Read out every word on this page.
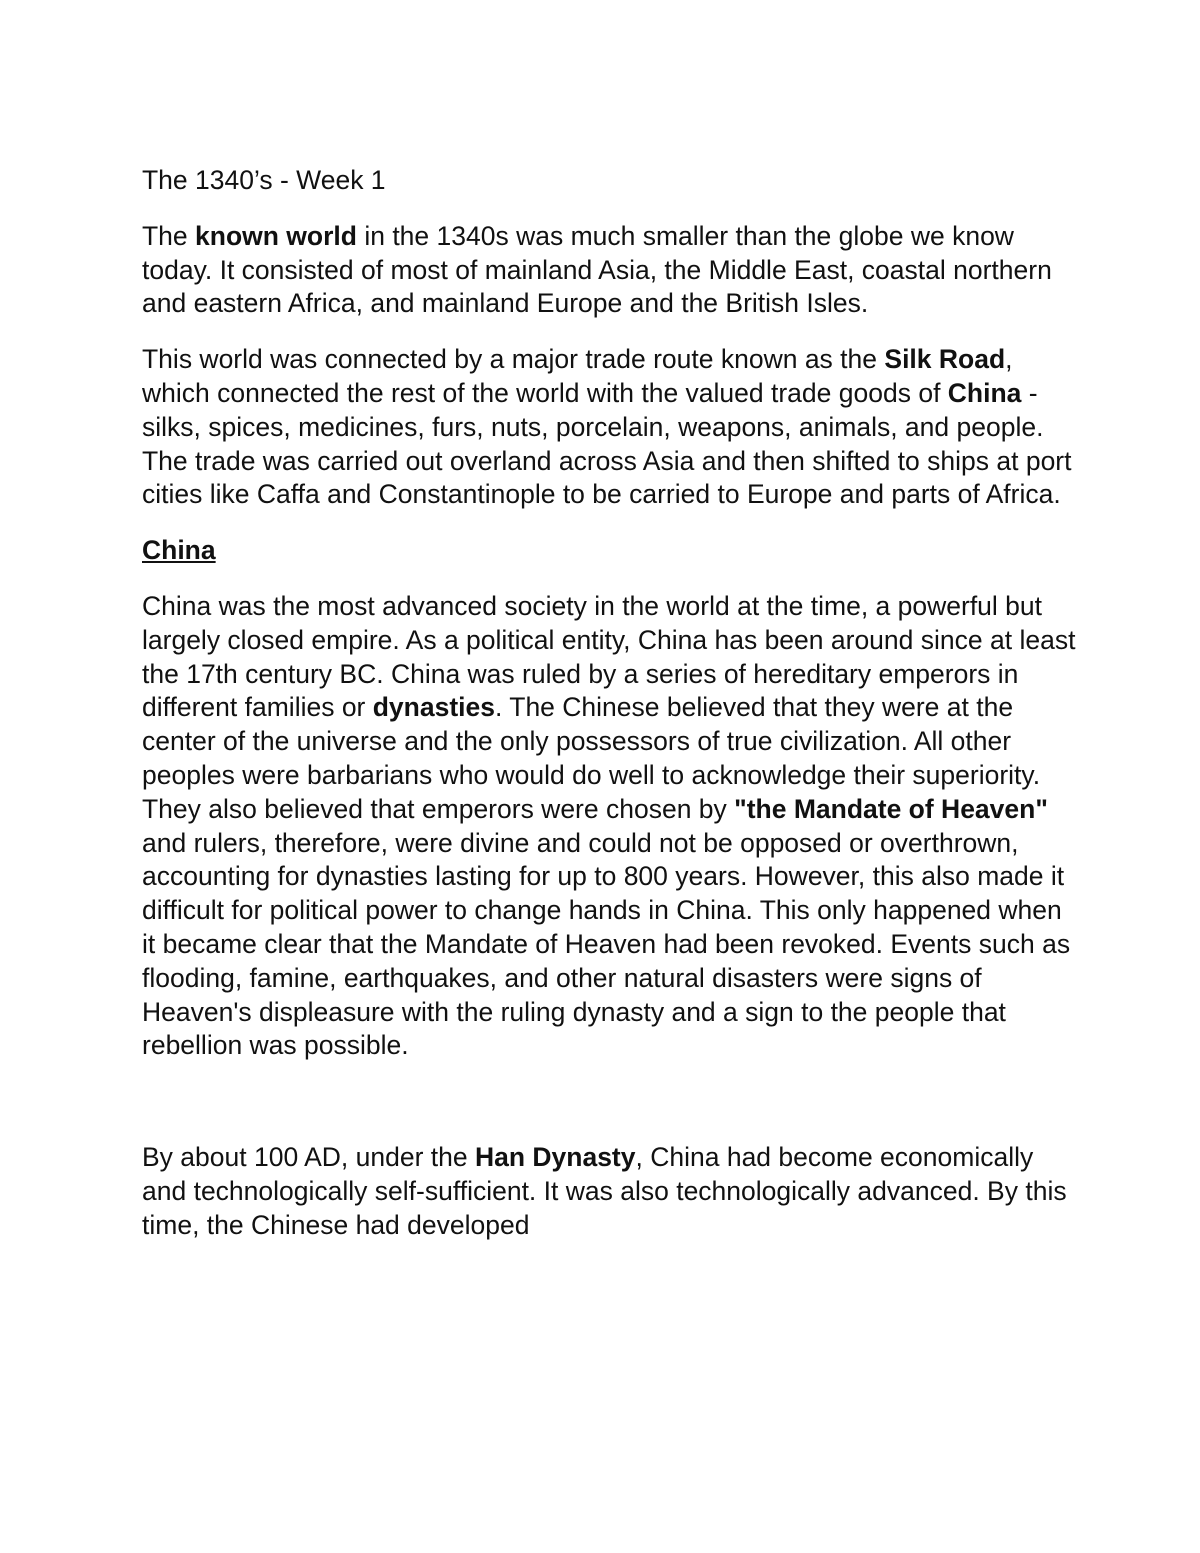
The 1340’s - Week 1

The known world in the 1340s was much smaller than the globe we know today. It consisted of most of mainland Asia, the Middle East, coastal northern and eastern Africa, and mainland Europe and the British Isles.

This world was connected by a major trade route known as the Silk Road, which connected the rest of the world with the valued trade goods of China - silks, spices, medicines, furs, nuts, porcelain, weapons, animals, and people. The trade was carried out overland across Asia and then shifted to ships at port cities like Caffa and Constantinople to be carried to Europe and parts of Africa.

China

China was the most advanced society in the world at the time, a powerful but largely closed empire. As a political entity, China has been around since at least the 17th century BC. China was ruled by a series of hereditary emperors in different families or dynasties. The Chinese believed that they were at the center of the universe and the only possessors of true civilization. All other peoples were barbarians who would do well to acknowledge their superiority. They also believed that emperors were chosen by "the Mandate of Heaven" and rulers, therefore, were divine and could not be opposed or overthrown, accounting for dynasties lasting for up to 800 years. However, this also made it difficult for political power to change hands in China. This only happened when it became clear that the Mandate of Heaven had been revoked. Events such as flooding, famine, earthquakes, and other natural disasters were signs of Heaven's displeasure with the ruling dynasty and a sign to the people that rebellion was possible.

By about 100 AD, under the Han Dynasty, China had become economically and technologically self-sufficient. It was also technologically advanced. By this time, the Chinese had developed
